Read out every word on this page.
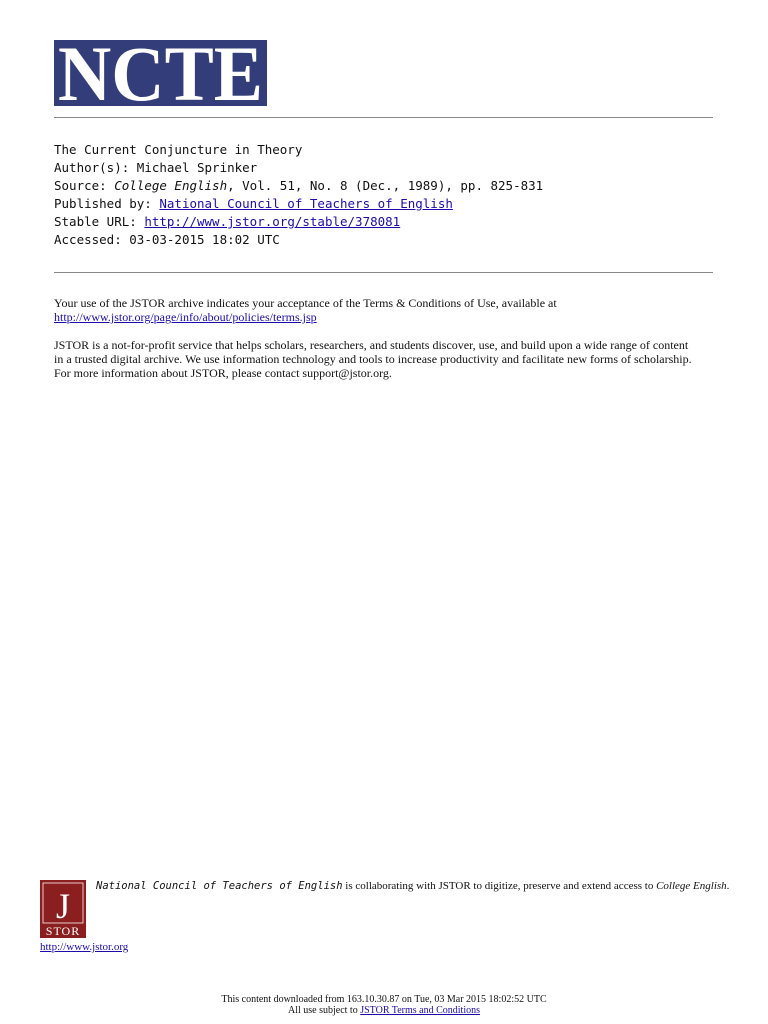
NCTE
The Current Conjuncture in Theory
Author(s): Michael Sprinker
Source: College English, Vol. 51, No. 8 (Dec., 1989), pp. 825-831
Published by: National Council of Teachers of English
Stable URL: http://www.jstor.org/stable/378081
Accessed: 03-03-2015 18:02 UTC
Your use of the JSTOR archive indicates your acceptance of the Terms & Conditions of Use, available at
http://www.jstor.org/page/info/about/policies/terms.jsp
JSTOR is a not-for-profit service that helps scholars, researchers, and students discover, use, and build upon a wide range of content
in a trusted digital archive. We use information technology and tools to increase productivity and facilitate new forms of scholarship.
For more information about JSTOR, please contact support@jstor.org.
J
STOR
National Council of Teachers of English is collaborating with JSTOR to digitize, preserve and extend access to College English.
http://www.jstor.org
This content downloaded from 163.10.30.87 on Tue, 03 Mar 2015 18:02:52 UTC
All use subject to JSTOR Terms and Conditions
